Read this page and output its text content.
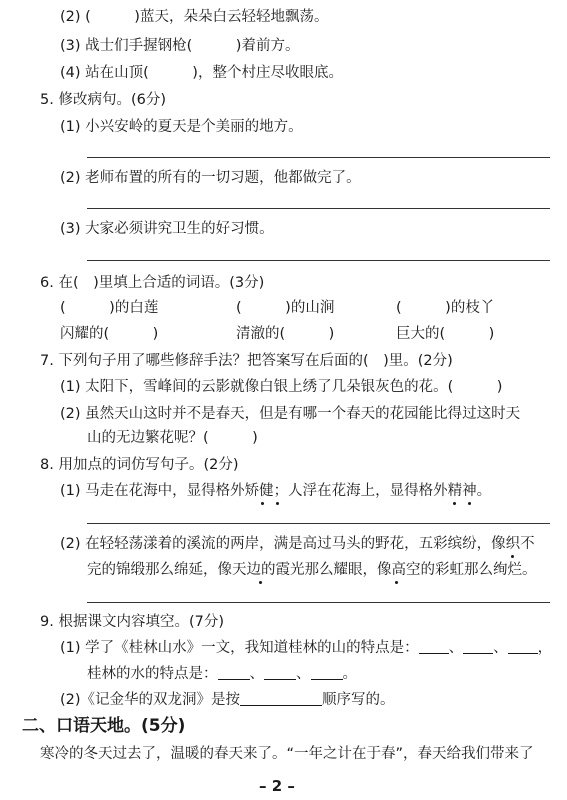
(2) (　　　)蓝天，朵朵白云轻轻地飘荡。
(3) 战士们手握钢枪(　　　)着前方。
(4) 站在山顶(　　　)，整个村庄尽收眼底。
5. 修改病句。(6分)
(1) 小兴安岭的夏天是个美丽的地方。
(2) 老师布置的所有的一切习题，他都做完了。
(3) 大家必须讲究卫生的好习惯。
6. 在(　)里填上合适的词语。(3分)
(　　　)的白莲	(　　　)的山涧	(　　　)的枝丫
闪耀的(　　　)	清澈的(　　　)	巨大的(　　　)
7. 下列句子用了哪些修辞手法？把答案写在后面的(　)里。(2分)
(1) 太阳下，雪峰间的云影就像白银上绣了几朵银灰色的花。(　　　)
(2) 虽然天山这时并不是春天，但是有哪一个春天的花园能比得过这时天
山的无边繁花呢？(　　　)
8. 用加点的词仿写句子。(2分)
(1) 马走在花海中，显得格外矫健；人浮在花海上，显得格外精神。
(2) 在轻轻荡漾着的溪流的两岸，满是高过马头的野花，五彩缤纷，像织不
完的锦缎那么绵延，像天边的霞光那么耀眼，像高空的彩虹那么绚烂。
9. 根据课文内容填空。(7分)
(1) 学了《桂林山水》一文，我知道桂林的山的特点是： 、 、 ，
桂林的水的特点是： 、 、 。
(2)《记金华的双龙洞》是按	顺序写的。
二、口语天地。(5分)
寒冷的冬天过去了，温暖的春天来了。“一年之计在于春”，春天给我们带来了
– 2 –
